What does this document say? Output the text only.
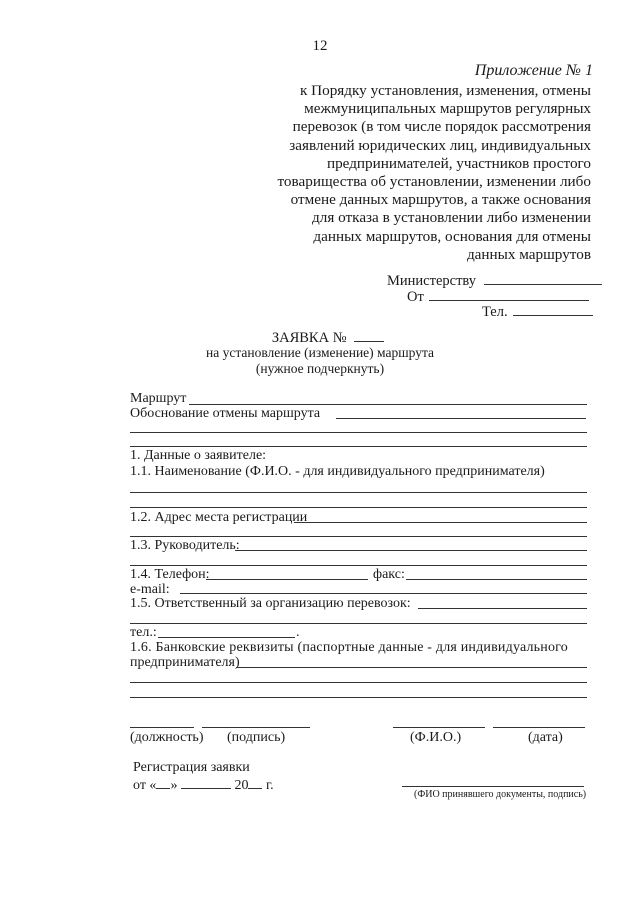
12
Приложение № 1
к Порядку установления, изменения, отмены
межмуниципальных маршрутов регулярных
перевозок (в том числе порядок рассмотрения
заявлений юридических лиц, индивидуальных
предпринимателей, участников простого
товарищества об установлении, изменении либо
отмене данных маршрутов, а также основания
для отказа в установлении либо изменении
данных маршрутов, основания для отмены
данных маршрутов
Министерству
От
Тел.
ЗАЯВКА №
на установление (изменение) маршрута
(нужное подчеркнуть)
Маршрут
Обоснование отмены маршрута
1. Данные о заявителе:
1.1. Наименование (Ф.И.О. - для индивидуального предпринимателя)
1.2. Адрес места регистрации
1.3. Руководитель:
1.4. Телефон:	факс:
e-mail:
1.5. Ответственный за организацию перевозок:
тел.:	.
1.6. Банковские реквизиты (паспортные данные - для индивидуального
предпринимателя)
(должность) (подпись)	(Ф.И.О.)	(дата)
Регистрация заявки
от « »	20 г.
(ФИО принявшего документы, подпись)
